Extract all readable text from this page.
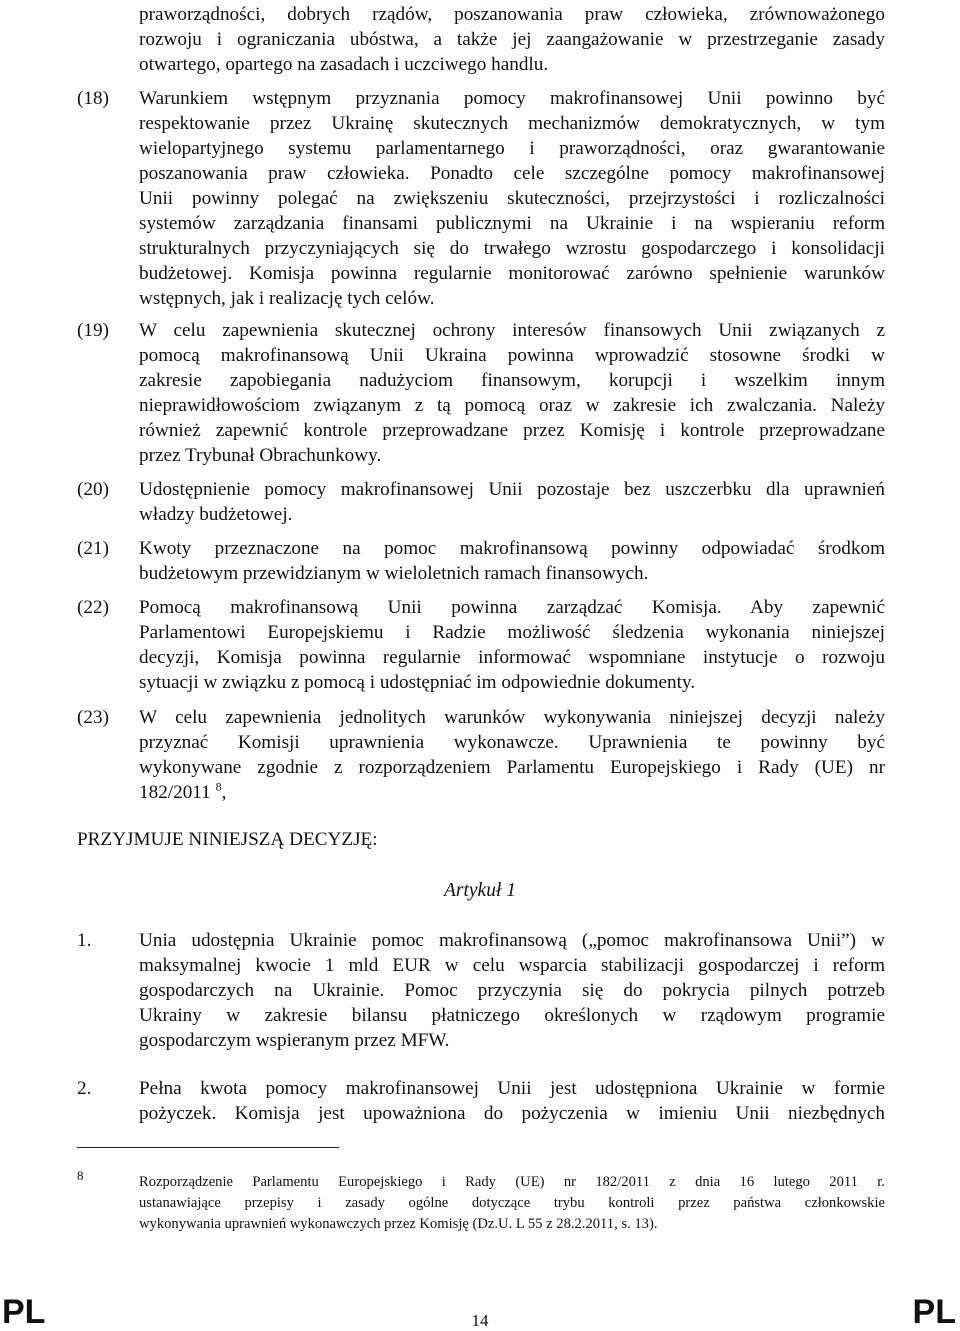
praworządności, dobrych rządów, poszanowania praw człowieka, zrównoważonego
rozwoju i ograniczania ubóstwa, a także jej zaangażowanie w przestrzeganie zasady
otwartego, opartego na zasadach i uczciwego handlu.
(18) Warunkiem wstępnym przyznania pomocy makrofinansowej Unii powinno być
respektowanie przez Ukrainę skutecznych mechanizmów demokratycznych, w tym
wielopartyjnego systemu parlamentarnego i praworządności, oraz gwarantowanie
poszanowania praw człowieka. Ponadto cele szczególne pomocy makrofinansowej
Unii powinny polegać na zwiększeniu skuteczności, przejrzystości i rozliczalności
systemów zarządzania finansami publicznymi na Ukrainie i na wspieraniu reform
strukturalnych przyczyniających się do trwałego wzrostu gospodarczego i konsolidacji
budżetowej. Komisja powinna regularnie monitorować zarówno spełnienie warunków
wstępnych, jak i realizację tych celów.
(19) W celu zapewnienia skutecznej ochrony interesów finansowych Unii związanych z
pomocą makrofinansową Unii Ukraina powinna wprowadzić stosowne środki w
zakresie zapobiegania nadużyciom finansowym, korupcji i wszelkim innym
nieprawidłowościom związanym z tą pomocą oraz w zakresie ich zwalczania. Należy
również zapewnić kontrole przeprowadzane przez Komisję i kontrole przeprowadzane
przez Trybunał Obrachunkowy.
(20) Udostępnienie pomocy makrofinansowej Unii pozostaje bez uszczerbku dla uprawnień
władzy budżetowej.
(21) Kwoty przeznaczone na pomoc makrofinansową powinny odpowiadać środkom
budżetowym przewidzianym w wieloletnich ramach finansowych.
(22) Pomocą makrofinansową Unii powinna zarządzać Komisja. Aby zapewnić
Parlamentowi Europejskiemu i Radzie możliwość śledzenia wykonania niniejszej
decyzji, Komisja powinna regularnie informować wspomniane instytucje o rozwoju
sytuacji w związku z pomocą i udostępniać im odpowiednie dokumenty.
(23) W celu zapewnienia jednolitych warunków wykonywania niniejszej decyzji należy
przyznać Komisji uprawnienia wykonawcze. Uprawnienia te powinny być
wykonywane zgodnie z rozporządzeniem Parlamentu Europejskiego i Rady (UE) nr
182/2011 $^8$,
PRZYJMUJE NINIEJSZĄ DECYZJĘ:
Artykuł 1
1. Unia udostępnia Ukrainie pomoc makrofinansową („pomoc makrofinansowa Unii”) w
maksymalnej kwocie 1 mld EUR w celu wsparcia stabilizacji gospodarczej i reform
gospodarczych na Ukrainie. Pomoc przyczynia się do pokrycia pilnych potrzeb
Ukrainy w zakresie bilansu płatniczego określonych w rządowym programie
gospodarczym wspieranym przez MFW.
2. Pełna kwota pomocy makrofinansowej Unii jest udostępniona Ukrainie w formie
pożyczek. Komisja jest upoważniona do pożyczenia w imieniu Unii niezbędnych
8	Rozporządzenie Parlamentu Europejskiego i Rady (UE) nr 182/2011 z dnia 16 lutego 2011 r.
ustanawiające przepisy i zasady ogólne dotyczące trybu kontroli przez państwa członkowskie
wykonywania uprawnień wykonawczych przez Komisję (Dz.U. L 55 z 28.2.2011, s. 13).
PL	14	PL
